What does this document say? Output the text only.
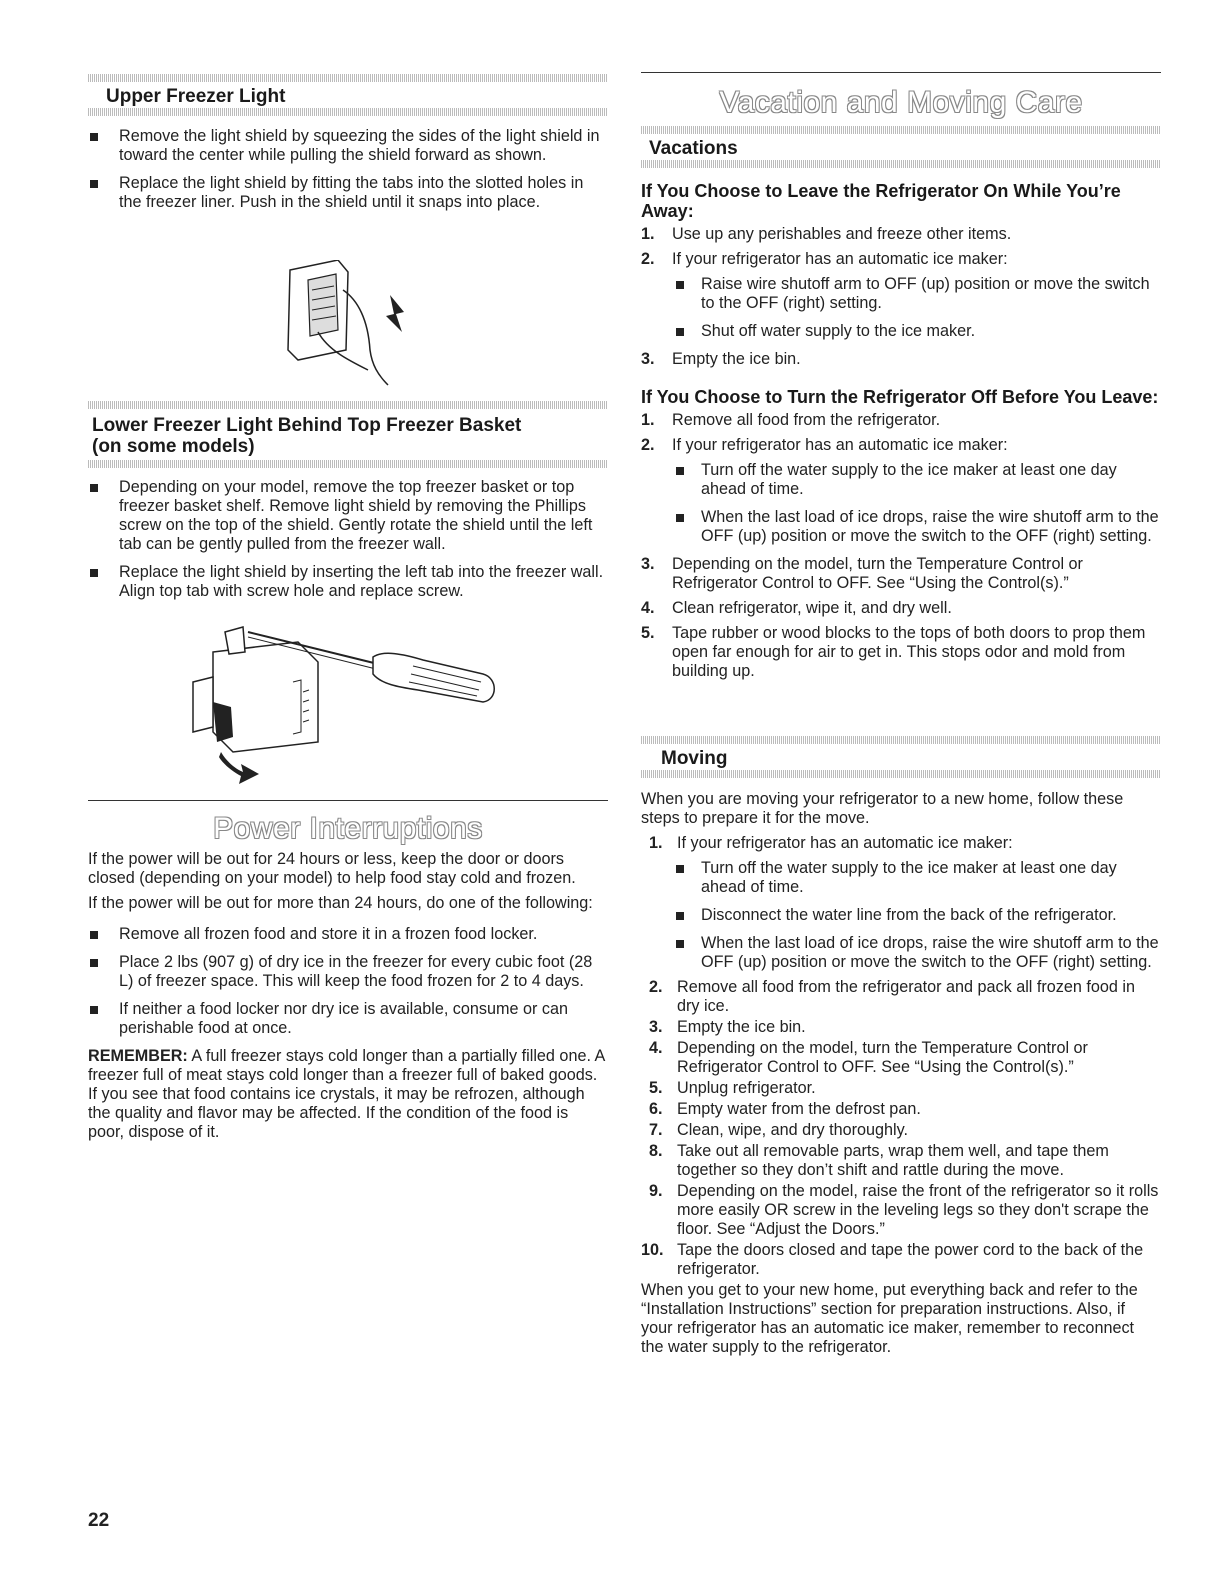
Upper Freezer Light
Remove the light shield by squeezing the sides of the light shield in toward the center while pulling the shield forward as shown.
Replace the light shield by fitting the tabs into the slotted holes in the freezer liner. Push in the shield until it snaps into place.
Lower Freezer Light Behind Top Freezer Basket
(on some models)
Depending on your model, remove the top freezer basket or top freezer basket shelf. Remove light shield by removing the Phillips screw on the top of the shield. Gently rotate the shield until the left tab can be gently pulled from the freezer wall.
Replace the light shield by inserting the left tab into the freezer wall. Align top tab with screw hole and replace screw.
Power Interruptions

If the power will be out for 24 hours or less, keep the door or doors closed (depending on your model) to help food stay cold and frozen.

If the power will be out for more than 24 hours, do one of the following:

Remove all frozen food and store it in a frozen food locker.
Place 2 lbs (907 g) of dry ice in the freezer for every cubic foot (28 L) of freezer space. This will keep the food frozen for 2 to 4 days.
If neither a food locker nor dry ice is available, consume or can perishable food at once.

REMEMBER: A full freezer stays cold longer than a partially filled one. A freezer full of meat stays cold longer than a freezer full of baked goods. If you see that food contains ice crystals, it may be refrozen, although the quality and flavor may be affected. If the condition of the food is poor, dispose of it.

Vacation and Moving Care
Vacations
If You Choose to Leave the Refrigerator On While You’re Away:
1. Use up any perishables and freeze other items.
2. If your refrigerator has an automatic ice maker:
Raise wire shutoff arm to OFF (up) position or move the switch to the OFF (right) setting.
Shut off water supply to the ice maker.
3. Empty the ice bin.
If You Choose to Turn the Refrigerator Off Before You Leave:
1. Remove all food from the refrigerator.
2. If your refrigerator has an automatic ice maker:
Turn off the water supply to the ice maker at least one day ahead of time.
When the last load of ice drops, raise the wire shutoff arm to the OFF (up) position or move the switch to the OFF (right) setting.
3. Depending on the model, turn the Temperature Control or Refrigerator Control to OFF. See “Using the Control(s).”
4. Clean refrigerator, wipe it, and dry well.
5. Tape rubber or wood blocks to the tops of both doors to prop them open far enough for air to get in. This stops odor and mold from building up.
Moving

When you are moving your refrigerator to a new home, follow these steps to prepare it for the move.

1. If your refrigerator has an automatic ice maker:
Turn off the water supply to the ice maker at least one day ahead of time.
Disconnect the water line from the back of the refrigerator.
When the last load of ice drops, raise the wire shutoff arm to the OFF (up) position or move the switch to the OFF (right) setting.
2. Remove all food from the refrigerator and pack all frozen food in dry ice.
3. Empty the ice bin.
4. Depending on the model, turn the Temperature Control or Refrigerator Control to OFF. See “Using the Control(s).”
5. Unplug refrigerator.
6. Empty water from the defrost pan.
7. Clean, wipe, and dry thoroughly.
8. Take out all removable parts, wrap them well, and tape them together so they don’t shift and rattle during the move.
9. Depending on the model, raise the front of the refrigerator so it rolls more easily OR screw in the leveling legs so they don't scrape the floor. See “Adjust the Doors.”
10. Tape the doors closed and tape the power cord to the back of the refrigerator.

When you get to your new home, put everything back and refer to the “Installation Instructions” section for preparation instructions. Also, if your refrigerator has an automatic ice maker, remember to reconnect the water supply to the refrigerator.

22
